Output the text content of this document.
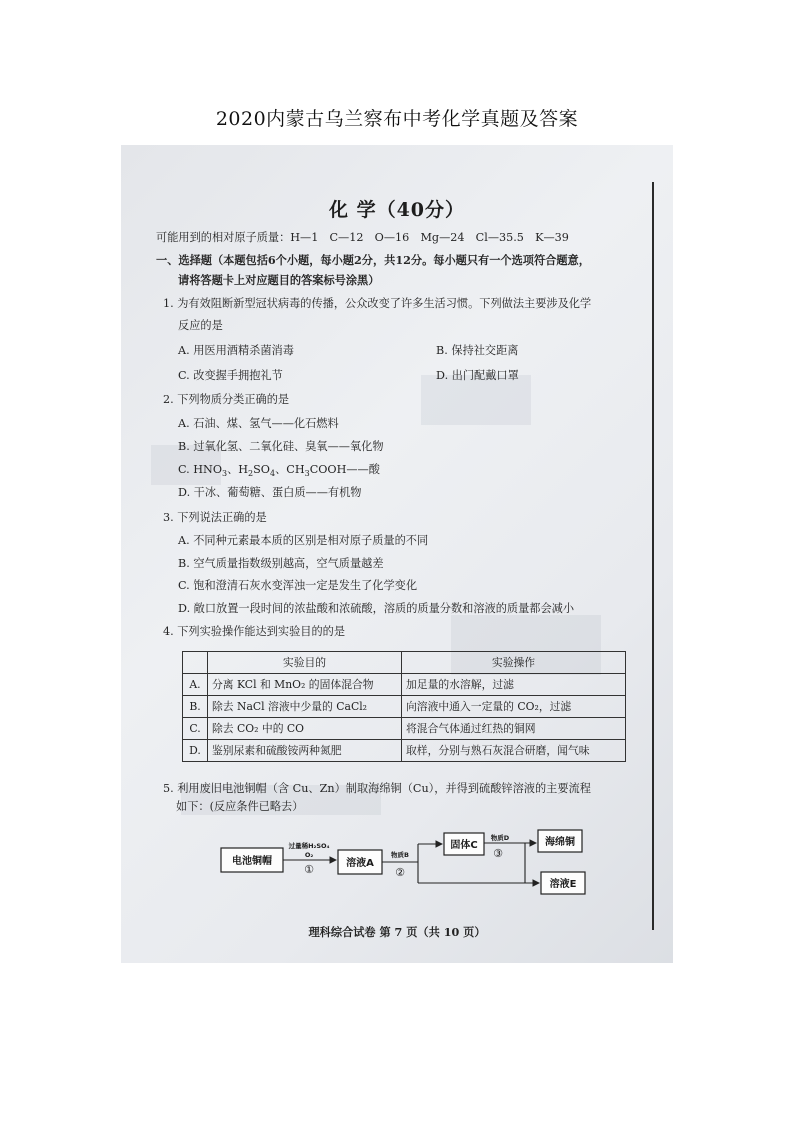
2020内蒙古乌兰察布中考化学真题及答案
化 学（40分）
可能用到的相对原子质量：H—1　C—12　O—16　Mg—24　Cl—35.5　K—39
一、选择题（本题包括6个小题，每小题2分，共12分。每小题只有一个选项符合题意，
请将答题卡上对应题目的答案标号涂黑）
1. 为有效阻断新型冠状病毒的传播，公众改变了许多生活习惯。下列做法主要涉及化学
反应的是
A. 用医用酒精杀菌消毒	B. 保持社交距离
C. 改变握手拥抱礼节	D. 出门配戴口罩
2. 下列物质分类正确的是
A. 石油、煤、氢气——化石燃料
B. 过氧化氢、二氧化硅、臭氧——氧化物
C. $HNO_3$、$H_2SO_4$、$CH_3COOH——$酸
D. 干冰、葡萄糖、蛋白质——有机物
3. 下列说法正确的是
A. 不同种元素最本质的区别是相对原子质量的不同
B. 空气质量指数级别越高，空气质量越差
C. 饱和澄清石灰水变浑浊一定是发生了化学变化
D. 敞口放置一段时间的浓盐酸和浓硫酸，溶质的质量分数和溶液的质量都会减小
4. 下列实验操作能达到实验目的的是
	实验目的	实验操作
A.	分离 KCl 和 MnO₂ 的固体混合物	加足量的水溶解，过滤
B.	除去 NaCl 溶液中少量的 CaCl₂	向溶液中通入一定量的 CO₂，过滤
C.	除去 CO₂ 中的 CO	将混合气体通过红热的铜网
D.	鉴别尿素和硫酸铵两种氮肥	取样，分别与熟石灰混合研磨，闻气味
5. 利用废旧电池铜帽（含 Cu、Zn）制取海绵铜（Cu），并得到硫酸锌溶液的主要流程
如下：(反应条件已略去）
电池铜帽
过量稀H₂SO₄
O₂
①	溶液A
物质B
②
固体C
物质D
③
海绵铜
溶液E
理科综合试卷 第 7 页（共 10 页）
